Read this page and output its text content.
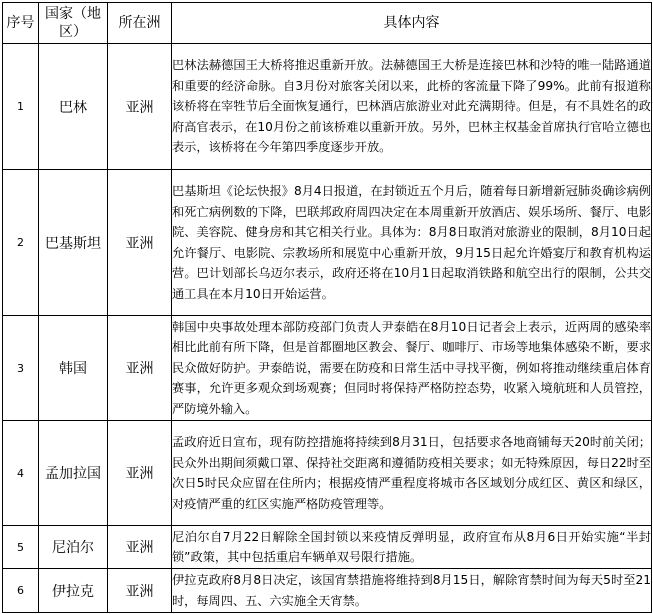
序号	国家（地区）	所在洲	具体内容
1	巴林	亚洲	巴林法赫德国王大桥将推迟重新开放。法赫德国王大桥是连接巴林和沙特的唯一陆路通道和重要的经济命脉。自3月份对旅客关闭以来，此桥的客流量下降了99%。此前有报道称该桥将在宰牲节后全面恢复通行，巴林酒店旅游业对此充满期待。但是，有不具姓名的政府高官表示，在10月份之前该桥难以重新开放。另外，巴林主权基金首席执行官哈立德也表示，该桥将在今年第四季度逐步开放。
2	巴基斯坦	亚洲	巴基斯坦《论坛快报》8月4日报道，在封锁近五个月后，随着每日新增新冠肺炎确诊病例和死亡病例数的下降，巴联邦政府周四决定在本周重新开放酒店、娱乐场所、餐厅、电影院、美容院、健身房和其它相关行业。具体为：8月8日取消对旅游业的限制，8月10日起允许餐厅、电影院、宗教场所和展览中心重新开放，9月15日起允许婚宴厅和教育机构运营。巴计划部长乌迈尔表示，政府还将在10月1日起取消铁路和航空出行的限制，公共交通工具在本月10日开始运营。
3	韩国	亚洲	韩国中央事故处理本部防疫部门负责人尹泰皓在8月10日记者会上表示，近两周的感染率相比此前有所下降，但是首都圈地区教会、餐厅、咖啡厅、市场等地集体感染不断，要求民众做好防护。尹泰皓说，需要在防疫和日常生活中寻找平衡，例如将推动继续重启体育赛事，允许更多观众到场观赛；但同时将保持严格防控态势，收紧入境航班和人员管控，严防境外输入。
4	孟加拉国	亚洲	孟政府近日宣布，现有防控措施将持续到8月31日，包括要求各地商铺每天20时前关闭；民众外出期间须戴口罩、保持社交距离和遵循防疫相关要求；如无特殊原因，每日22时至次日5时民众应留在住所内；根据疫情严重程度将城市各区域划分成红区、黄区和绿区，对疫情严重的红区实施严格防疫管理等。
5	尼泊尔	亚洲	尼泊尔自7月22日解除全国封锁以来疫情反弹明显，政府宣布从8月6日开始实施“半封锁”政策，其中包括重启车辆单双号限行措施。
6	伊拉克	亚洲	伊拉克政府8月8日决定，该国宵禁措施将维持到8月15日，解除宵禁时间为每天5时至21时，每周四、五、六实施全天宵禁。
